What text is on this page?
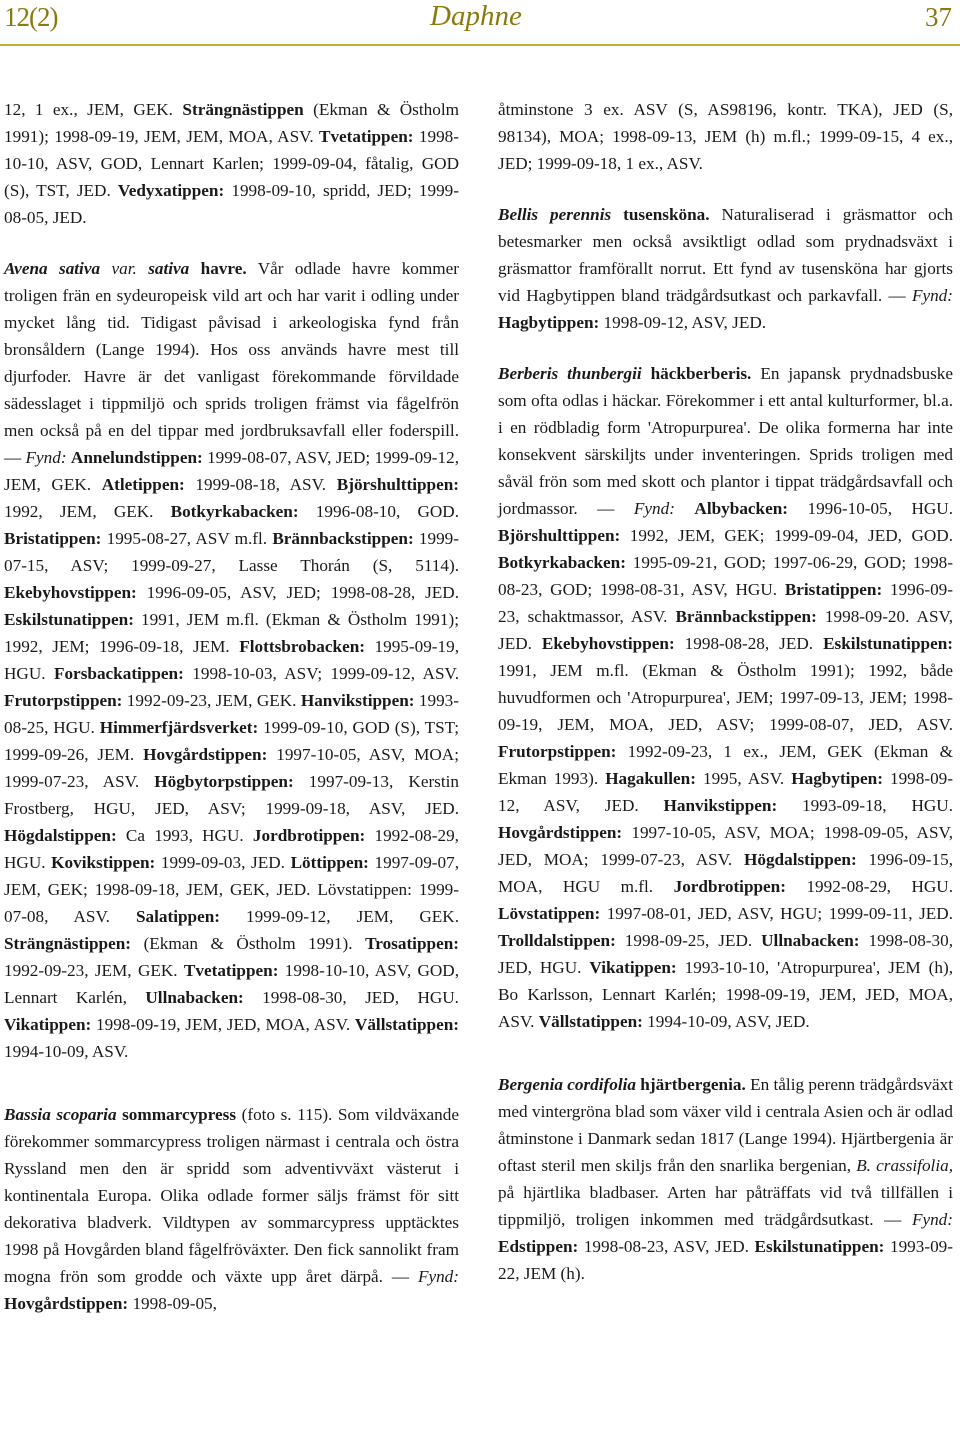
12(2)	Daphne	37

12, 1 ex., JEM, GEK. Strängnästippen (Ekman & Östholm 1991); 1998-09-19, JEM, JEM, MOA, ASV. Tvetatippen: 1998-10-10, ASV, GOD, Lennart Karlen; 1999-09-04, fåtalig, GOD (S), TST, JED. Vedyxatippen: 1998-09-10, spridd, JED; 1999-08-05, JED.

Avena sativa var. sativa havre. Vår odlade havre kommer troligen frän en sydeuropeisk vild art och har varit i odling under mycket lång tid. Tidigast påvisad i arkeologiska fynd från bronsåldern (Lange 1994). Hos oss används havre mest till djurfoder. Havre är det vanligast förekommande förvildade sädesslaget i tippmiljö och sprids troligen främst via fågelfrön men också på en del tippar med jordbruksavfall eller foderspill. — Fynd: Annelundstippen: 1999-08-07, ASV, JED; 1999-09-12, JEM, GEK. Atletippen: 1999-08-18, ASV. Björshulttippen: 1992, JEM, GEK. Botkyrkabacken: 1996-08-10, GOD. Bristatippen: 1995-08-27, ASV m.fl. Brännbackstippen: 1999-07-15, ASV; 1999-09-27, Lasse Thorán (S, 5114). Ekebyhovstippen: 1996-09-05, ASV, JED; 1998-08-28, JED. Eskilstunatippen: 1991, JEM m.fl. (Ekman & Östholm 1991); 1992, JEM; 1996-09-18, JEM. Flottsbrobacken: 1995-09-19, HGU. Forsbackatippen: 1998-10-03, ASV; 1999-09-12, ASV. Frutorpstippen: 1992-09-23, JEM, GEK. Hanvikstippen: 1993-08-25, HGU. Himmerfjärdsverket: 1999-09-10, GOD (S), TST; 1999-09-26, JEM. Hovgårdstippen: 1997-10-05, ASV, MOA; 1999-07-23, ASV. Högbytorpstippen: 1997-09-13, Kerstin Frostberg, HGU, JED, ASV; 1999-09-18, ASV, JED. Högdalstippen: Ca 1993, HGU. Jordbrotippen: 1992-08-29, HGU. Kovikstippen: 1999-09-03, JED. Löttippen: 1997-09-07, JEM, GEK; 1998-09-18, JEM, GEK, JED. Lövstatippen: 1999-07-08, ASV. Salatippen: 1999-09-12, JEM, GEK. Strängnästippen: (Ekman & Östholm 1991). Trosatippen: 1992-09-23, JEM, GEK. Tvetatippen: 1998-10-10, ASV, GOD, Lennart Karlén, Ullnabacken: 1998-08-30, JED, HGU. Vikatippen: 1998-09-19, JEM, JED, MOA, ASV. Vällstatippen: 1994-10-09, ASV.

Bassia scoparia sommarcypress (foto s. 115). Som vildväxande förekommer sommarcypress troligen närmast i centrala och östra Ryssland men den är spridd som adventivväxt västerut i kontinentala Europa. Olika odlade former säljs främst för sitt dekorativa bladverk. Vildtypen av sommarcypress upptäcktes 1998 på Hovgården bland fågelfröväxter. Den fick sannolikt fram mogna frön som grodde och växte upp året därpå. — Fynd: Hovgårdstippen: 1998-09-05,

åtminstone 3 ex. ASV (S, AS98196, kontr. TKA), JED (S, 98134), MOA; 1998-09-13, JEM (h) m.fl.; 1999-09-15, 4 ex., JED; 1999-09-18, 1 ex., ASV.

Bellis perennis tusensköna. Naturaliserad i gräsmattor och betesmarker men också avsiktligt odlad som prydnadsväxt i gräsmattor framförallt norrut. Ett fynd av tusensköna har gjorts vid Hagbytippen bland trädgårdsutkast och parkavfall. — Fynd: Hagbytippen: 1998-09-12, ASV, JED.

Berberis thunbergii häckberberis. En japansk prydnadsbuske som ofta odlas i häckar. Förekommer i ett antal kulturformer, bl.a. i en rödbladig form 'Atropurpurea'. De olika formerna har inte konsekvent särskiljts under inventeringen. Sprids troligen med såväl frön som med skott och plantor i tippat trädgårdsavfall och jordmassor. — Fynd: Albybacken: 1996-10-05, HGU. Björshulttippen: 1992, JEM, GEK; 1999-09-04, JED, GOD. Botkyrkabacken: 1995-09-21, GOD; 1997-06-29, GOD; 1998-08-23, GOD; 1998-08-31, ASV, HGU. Bristatippen: 1996-09-23, schaktmassor, ASV. Brännbackstippen: 1998-09-20. ASV, JED. Ekebyhovstippen: 1998-08-28, JED. Eskilstunatippen: 1991, JEM m.fl. (Ekman & Östholm 1991); 1992, både huvudformen och 'Atropurpurea', JEM; 1997-09-13, JEM; 1998-09-19, JEM, MOA, JED, ASV; 1999-08-07, JED, ASV. Frutorpstippen: 1992-09-23, 1 ex., JEM, GEK (Ekman & Ekman 1993). Hagakullen: 1995, ASV. Hagbytipen: 1998-09-12, ASV, JED. Hanvikstippen: 1993-09-18, HGU. Hovgårdstippen: 1997-10-05, ASV, MOA; 1998-09-05, ASV, JED, MOA; 1999-07-23, ASV. Högdalstippen: 1996-09-15, MOA, HGU m.fl. Jordbrotippen: 1992-08-29, HGU. Lövstatippen: 1997-08-01, JED, ASV, HGU; 1999-09-11, JED. Trolldalstippen: 1998-09-25, JED. Ullnabacken: 1998-08-30, JED, HGU. Vikatippen: 1993-10-10, 'Atropurpurea', JEM (h), Bo Karlsson, Lennart Karlén; 1998-09-19, JEM, JED, MOA, ASV. Vällstatippen: 1994-10-09, ASV, JED.

Bergenia cordifolia hjärtbergenia. En tålig perenn trädgårdsväxt med vintergröna blad som växer vild i centrala Asien och är odlad åtminstone i Danmark sedan 1817 (Lange 1994). Hjärtbergenia är oftast steril men skiljs från den snarlika bergenian, B. crassifolia, på hjärtlika bladbaser. Arten har påträffats vid två tillfällen i tippmiljö, troligen inkommen med trädgårdsutkast. — Fynd: Edstippen: 1998-08-23, ASV, JED. Eskilstunatippen: 1993-09-22, JEM (h).
